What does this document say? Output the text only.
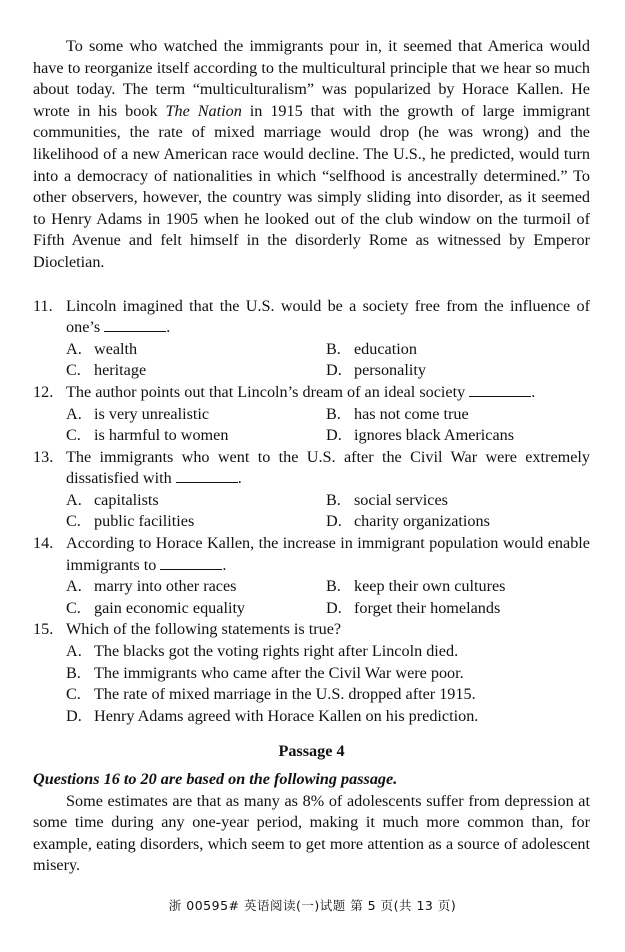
To some who watched the immigrants pour in, it seemed that America would have to reorganize itself according to the multicultural principle that we hear so much about today. The term “multiculturalism” was popularized by Horace Kallen. He wrote in his book The Nation in 1915 that with the growth of large immigrant communities, the rate of mixed marriage would drop (he was wrong) and the likelihood of a new American race would decline. The U.S., he predicted, would turn into a democracy of nationalities in which “selfhood is ancestrally determined.” To other observers, however, the country was simply sliding into disorder, as it seemed to Henry Adams in 1905 when he looked out of the club window on the turmoil of Fifth Avenue and felt himself in the disorderly Rome as witnessed by Emperor Diocletian.

11. Lincoln imagined that the U.S. would be a society free from the influence of one’s	.
A. wealth	B. education
C. heritage	D. personality
12. The author points out that Lincoln’s dream of an ideal society	.
A. is very unrealistic	B. has not come true
C. is harmful to women	D. ignores black Americans
13. The immigrants who went to the U.S. after the Civil War were extremely dissatisfied with	.
A. capitalists	B. social services
C. public facilities	D. charity organizations
14. According to Horace Kallen, the increase in immigrant population would enable immigrants to	.
A. marry into other races	B. keep their own cultures
C. gain economic equality	D. forget their homelands
15. Which of the following statements is true?
A. The blacks got the voting rights right after Lincoln died.
B. The immigrants who came after the Civil War were poor.
C. The rate of mixed marriage in the U.S. dropped after 1915.
D. Henry Adams agreed with Horace Kallen on his prediction.
Passage 4

Questions 16 to 20 are based on the following passage.

Some estimates are that as many as 8% of adolescents suffer from depression at some time during any one-year period, making it much more common than, for example, eating disorders, which seem to get more attention as a source of adolescent misery.

浙 00595# 英语阅读(一)试题 第 5 页(共 13 页)
